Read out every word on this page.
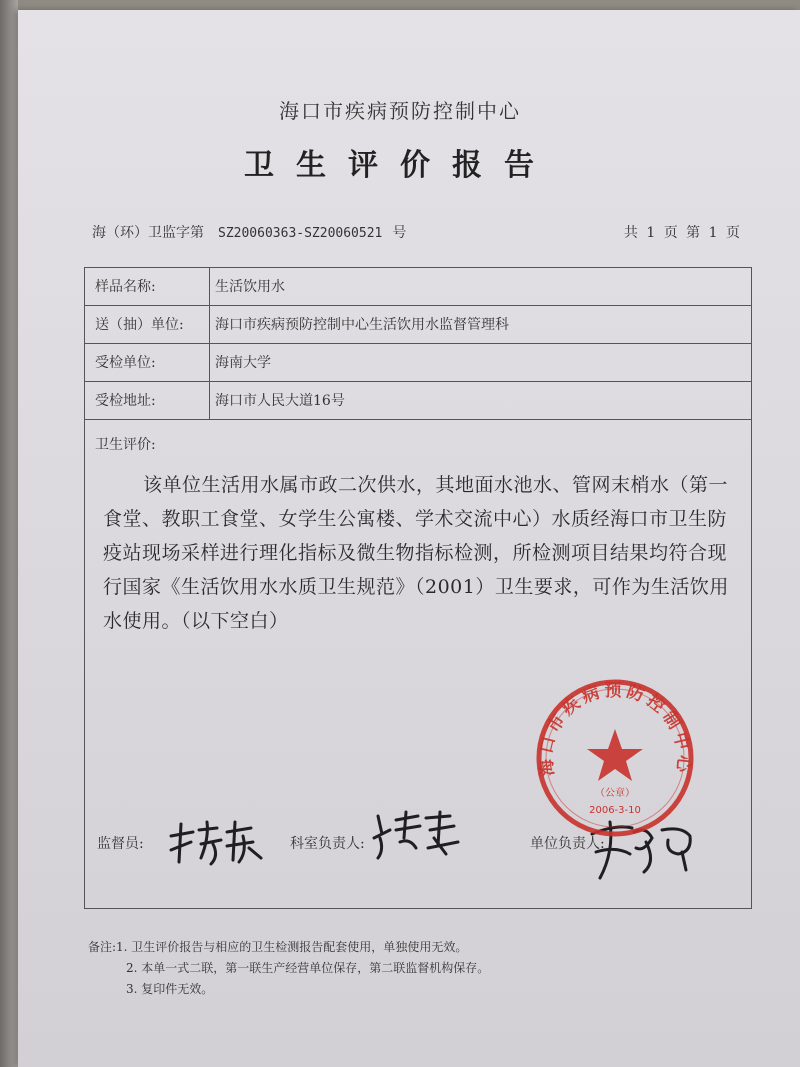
海口市疾病预防控制中心
卫生评价报告
海（环）卫监字第 SZ20060363-SZ20060521 号	共 1 页 第 1 页
样品名称:	生活饮用水
送（抽）单位:	海口市疾病预防控制中心生活饮用水监督管理科
受检单位:	海南大学
受检地址:	海口市人民大道16号
卫生评价:
该单位生活用水属市政二次供水，其地面水池水、管网末梢水（第一食堂、教职工食堂、女学生公寓楼、学术交流中心）水质经海口市卫生防疫站现场采样进行理化指标及微生物指标检测，所检测项目结果均符合现行国家《生活饮用水水质卫生规范》（2001）卫生要求，可作为生活饮用水使用。（以下空白）
监督员:	科室负责人:	单位负责人:
海口市疾病预防控制中心
（公章）
2006-3-10
备注:1. 卫生评价报告与相应的卫生检测报告配套使用，单独使用无效。
2. 本单一式二联，第一联生产经营单位保存，第二联监督机构保存。
3. 复印件无效。
